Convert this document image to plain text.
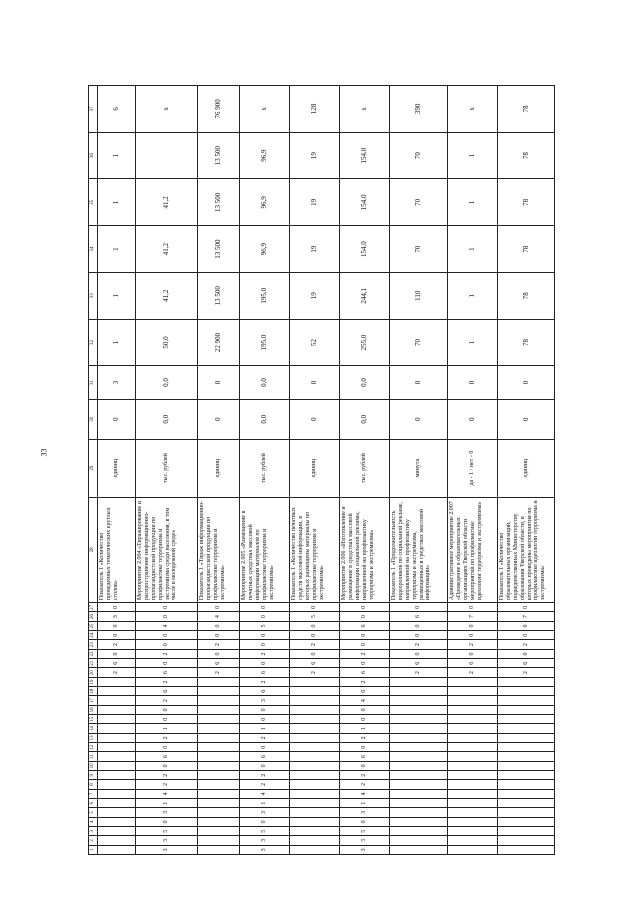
33
1	2	3	4	5	6	7	8	9	10	11	12	13	14	15	16	17	18	19	20	21	22	23	24	25	26	27	28	29	30	31	32	33	34	35	36	37
																			2	6	0	2	0	0	3	0	Показатель 1 «Количество проведенных тематических круглых столов»	единиц	0	3	1	1	1	1	1	6
3	3	5	0	3	1	4	2	2	0	6	0	2	1	0	0	2	6	2	6	0	2	0	0	4	0	0	Мероприятие 2.004 «Тиражирование и распространение информационно-пропагандистской продукции по профилактике терроризма и экстремизма среди населения, в том числе в молодежной среде»	тыс. рублей	0,0	0,0	50,0	41,2	41,2	41,2		х
																			2	6	0	2	0	0	4	0	Показатель 1 «Тираж информационно-пропагандистской продукции по профилактике терроризма и экстремизма»	единиц	0	0	22 900	13 500	13 500	13 500	13 500	76 900
3	3	5	0	3	1	4	2	2	0	6	0	2	1	0	0	3	6	2	6	0	2	0	0	5	0	0	Мероприятие 2.005 «Размещение в печатных средствах массовой информации материалов по профилактике терроризма и экстремизма»	тыс. рублей	0,0	0,0	195,0	195,0	96,9	96,9	96,9	х
																			2	6	0	2	0	0	5	0	Показатель 1 «Количество печатных средств массовой информации, в которых размещены материалы по профилактике терроризма и экстремизма»	единиц	0	0	52	19	19	19	19	128
3	3	5	0	3	1	4	2	2	0	6	0	2	1	0	0	4	6	2	6	0	2	0	0	6	0	0	Мероприятие 2.006 «Изготовление и размещение в средствах массовой информации социальной рекламы, направленной на профилактику терроризма и экстремизма»	тыс. рублей	0,0	0,0	255,0	244,1	154,0	154,0	154,0	х
																			2	6	0	2	0	0	6	0	Показатель 1 «Продолжительность видеороликов по социальной рекламе, направленной на профилактику терроризма и экстремизма, размещенных в средствах массовой информации»	минута	0	0	70	110	70	70	70	390
																			2	6	0	2	0	0	7	0	Административное мероприятие 2.007 «Проведение в образовательных организациях Тверской области мероприятий по профилактике идеологии терроризма и экстремизма»	да - 1 / нет - 0	0	0	1	1	1	1	1	х
																			2	6	0	2	0	0	7	0	Показатель 1 «Количество образовательных организаций, подведомственных Министерству образования Тверской области, в которых проведены мероприятия по профилактике идеологии терроризма и экстремизма»	единиц	0	0	78	78	78	78	78	78
